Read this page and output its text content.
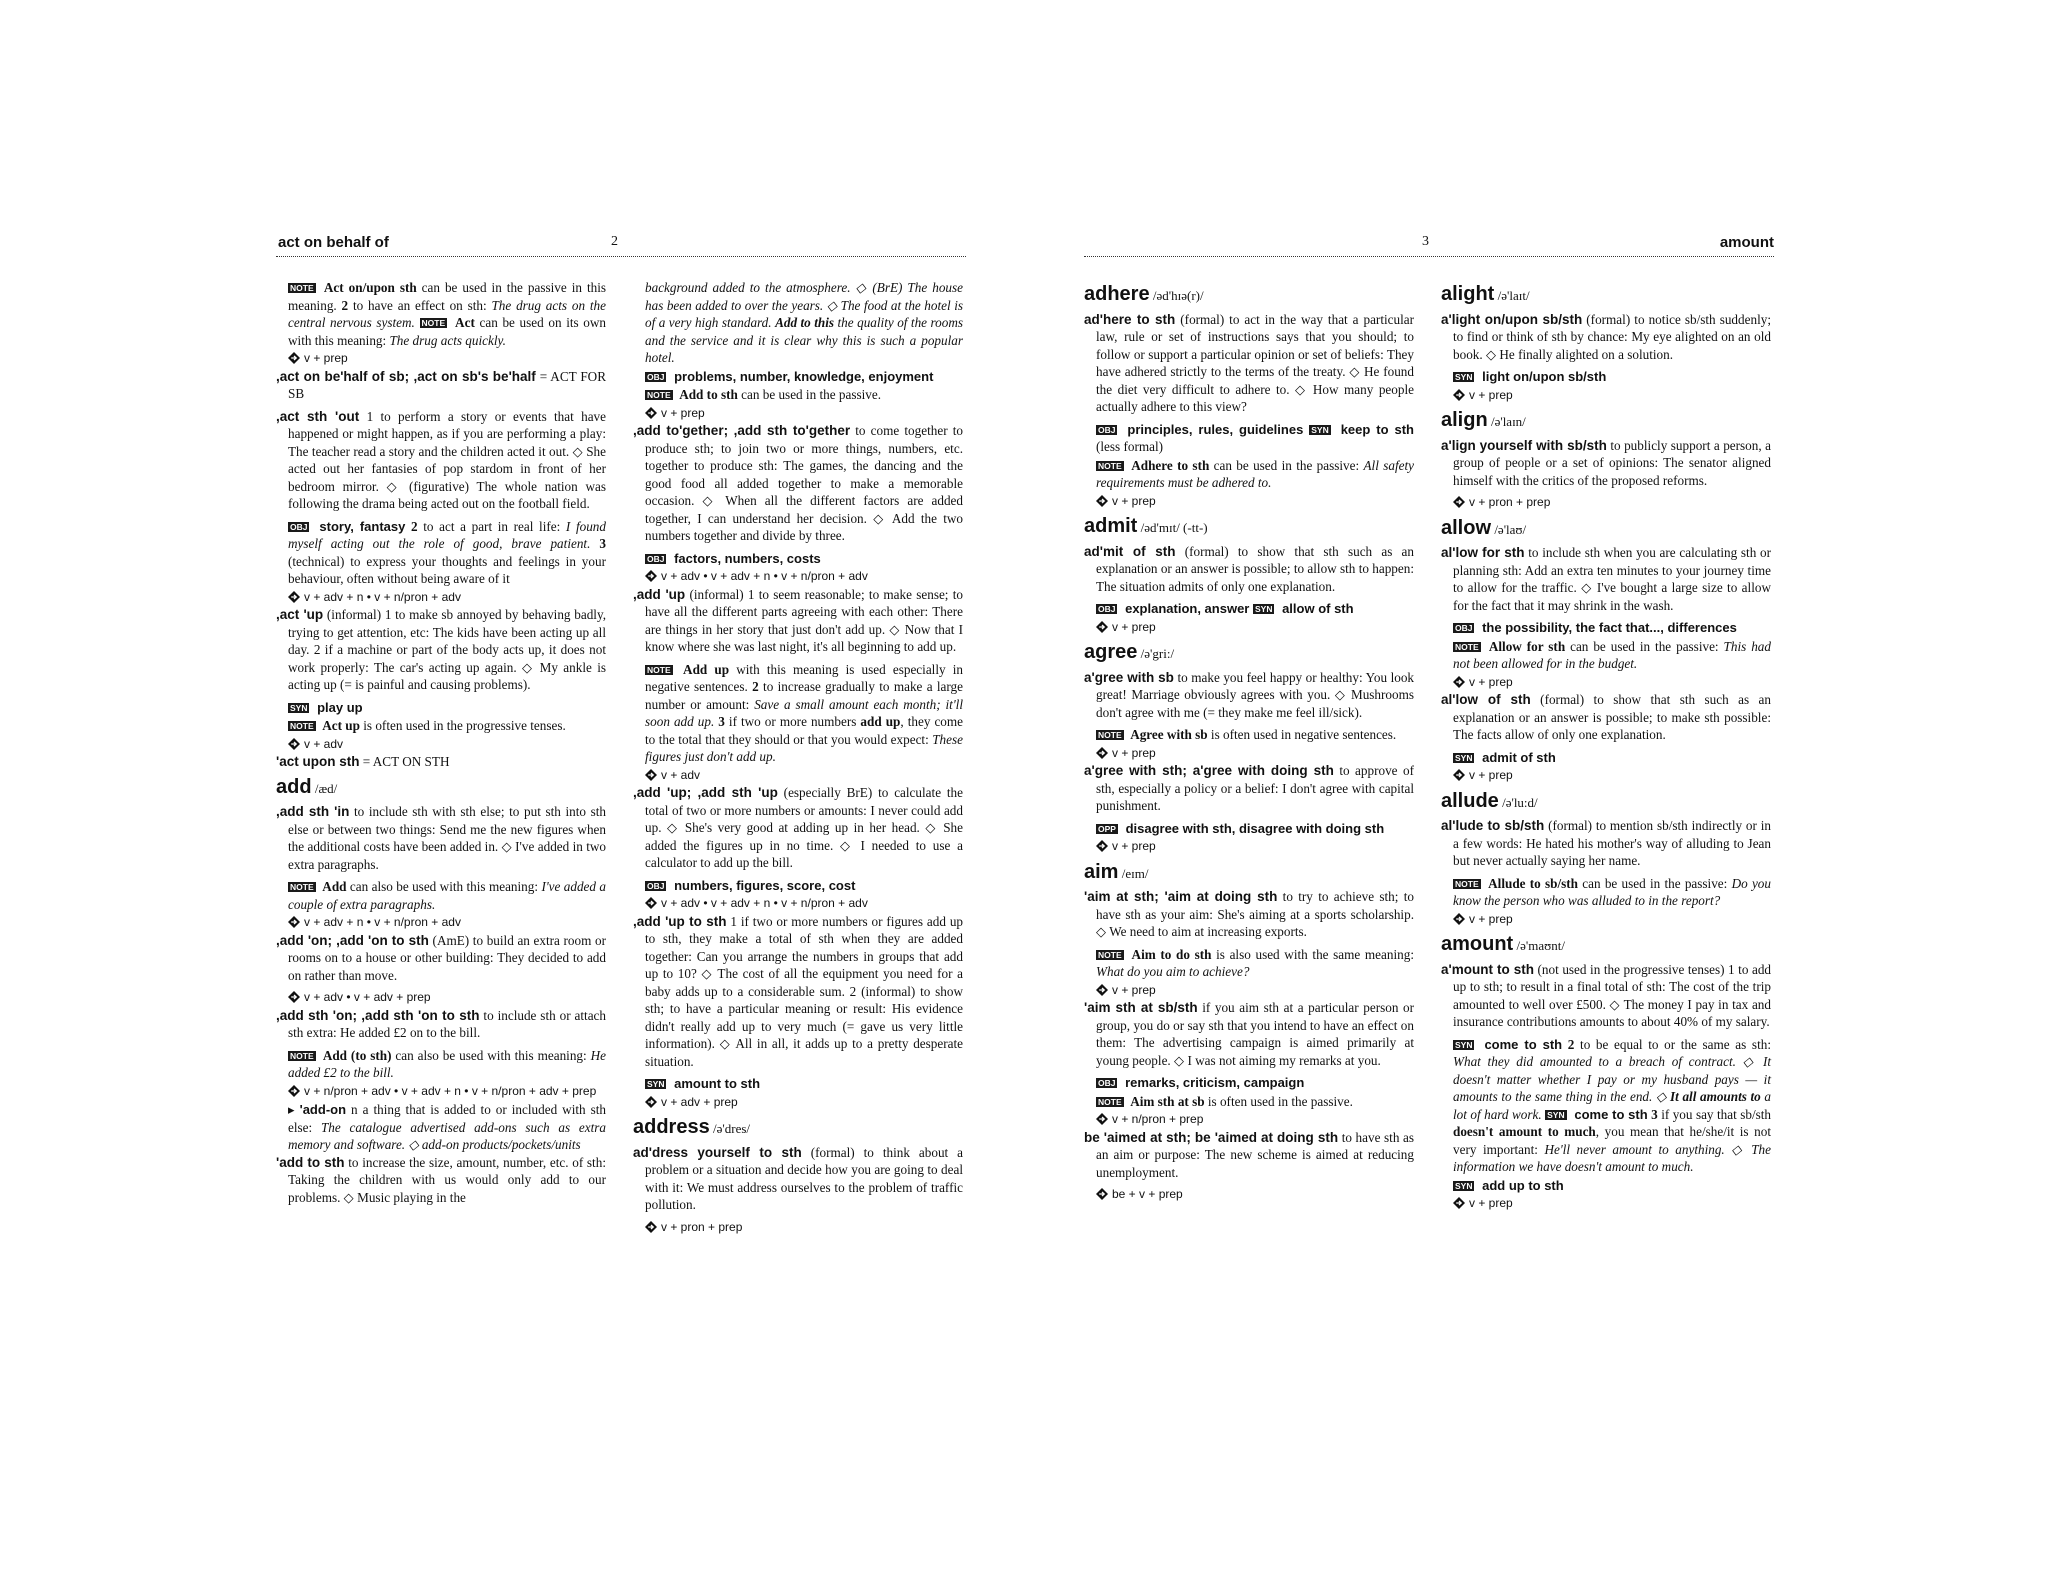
act on behalf of	2
NOTE Act on/upon sth can be used in the passive in this meaning. 2 to have an effect on sth: The drug acts on the central nervous system. NOTE Act can be used on its own with this meaning: The drug acts quickly.
v + prep
,act on be'half of sb; ,act on sb's be'half = ACT FOR SB
,act sth 'out 1 to perform a story or events that have happened or might happen, as if you are performing a play: The teacher read a story and the children acted it out. ◇ She acted out her fantasies of pop stardom in front of her bedroom mirror. ◇ (figurative) The whole nation was following the drama being acted out on the football field.
OBJ story, fantasy 2 to act a part in real life: I found myself acting out the role of good, brave patient. 3 (technical) to express your thoughts and feelings in your behaviour, often without being aware of it
v + adv + n • v + n/pron + adv
,act 'up (informal) 1 to make sb annoyed by behaving badly, trying to get attention, etc: The kids have been acting up all day. 2 if a machine or part of the body acts up, it does not work properly: The car's acting up again. ◇ My ankle is acting up (= is painful and causing problems).
SYN play up
NOTE Act up is often used in the progressive tenses.
v + adv
'act upon sth = ACT ON STH
add /æd/
,add sth 'in to include sth with sth else; to put sth into sth else or between two things: Send me the new figures when the additional costs have been added in. ◇ I've added in two extra paragraphs.
NOTE Add can also be used with this meaning: I've added a couple of extra paragraphs.
v + adv + n • v + n/pron + adv
,add 'on; ,add 'on to sth (AmE) to build an extra room or rooms on to a house or other building: They decided to add on rather than move.
v + adv • v + adv + prep
,add sth 'on; ,add sth 'on to sth to include sth or attach sth extra: He added £2 on to the bill.
NOTE Add (to sth) can also be used with this meaning: He added £2 to the bill.
v + n/pron + adv • v + adv + n • v + n/pron + adv + prep
▸ 'add-on n a thing that is added to or included with sth else: The catalogue advertised add-ons such as extra memory and software. ◇ add-on products/pockets/units
'add to sth to increase the size, amount, number, etc. of sth: Taking the children with us would only add to our problems. ◇ Music playing in the
background added to the atmosphere. ◇ (BrE) The house has been added to over the years. ◇ The food at the hotel is of a very high standard. Add to this the quality of the rooms and the service and it is clear why this is such a popular hotel.
OBJ problems, number, knowledge, enjoyment
NOTE Add to sth can be used in the passive.
v + prep
,add to'gether; ,add sth to'gether to come together to produce sth; to join two or more things, numbers, etc. together to produce sth: The games, the dancing and the good food all added together to make a memorable occasion. ◇ When all the different factors are added together, I can understand her decision. ◇ Add the two numbers together and divide by three.
OBJ factors, numbers, costs
v + adv • v + adv + n • v + n/pron + adv
,add 'up (informal) 1 to seem reasonable; to make sense; to have all the different parts agreeing with each other: There are things in her story that just don't add up. ◇ Now that I know where she was last night, it's all beginning to add up.
NOTE Add up with this meaning is used especially in negative sentences. 2 to increase gradually to make a large number or amount: Save a small amount each month; it'll soon add up. 3 if two or more numbers add up, they come to the total that they should or that you would expect: These figures just don't add up.
v + adv
,add 'up; ,add sth 'up (especially BrE) to calculate the total of two or more numbers or amounts: I never could add up. ◇ She's very good at adding up in her head. ◇ She added the figures up in no time. ◇ I needed to use a calculator to add up the bill.
OBJ numbers, figures, score, cost
v + adv • v + adv + n • v + n/pron + adv
,add 'up to sth 1 if two or more numbers or figures add up to sth, they make a total of sth when they are added together: Can you arrange the numbers in groups that add up to 10? ◇ The cost of all the equipment you need for a baby adds up to a considerable sum. 2 (informal) to show sth; to have a particular meaning or result: His evidence didn't really add up to very much (= gave us very little information). ◇ All in all, it adds up to a pretty desperate situation.
SYN amount to sth
v + adv + prep
address /ə'dres/
ad'dress yourself to sth (formal) to think about a problem or a situation and decide how you are going to deal with it: We must address ourselves to the problem of traffic pollution.
v + pron + prep
3	amount
adhere /əd'hɪə(r)/
ad'here to sth (formal) to act in the way that a particular law, rule or set of instructions says that you should; to follow or support a particular opinion or set of beliefs: They have adhered strictly to the terms of the treaty. ◇ He found the diet very difficult to adhere to. ◇ How many people actually adhere to this view?
OBJ principles, rules, guidelines SYN keep to sth (less formal)
NOTE Adhere to sth can be used in the passive: All safety requirements must be adhered to.
v + prep
admit /əd'mɪt/ (-tt-)
ad'mit of sth (formal) to show that sth such as an explanation or an answer is possible; to allow sth to happen: The situation admits of only one explanation.
OBJ explanation, answer SYN allow of sth
v + prep
agree /ə'gri:/
a'gree with sb to make you feel happy or healthy: You look great! Marriage obviously agrees with you. ◇ Mushrooms don't agree with me (= they make me feel ill/sick).
NOTE Agree with sb is often used in negative sentences.
v + prep
a'gree with sth; a'gree with doing sth to approve of sth, especially a policy or a belief: I don't agree with capital punishment.
OPP disagree with sth, disagree with doing sth
v + prep
aim /eɪm/
'aim at sth; 'aim at doing sth to try to achieve sth; to have sth as your aim: She's aiming at a sports scholarship. ◇ We need to aim at increasing exports.
NOTE Aim to do sth is also used with the same meaning: What do you aim to achieve?
v + prep
'aim sth at sb/sth if you aim sth at a particular person or group, you do or say sth that you intend to have an effect on them: The advertising campaign is aimed primarily at young people. ◇ I was not aiming my remarks at you.
OBJ remarks, criticism, campaign
NOTE Aim sth at sb is often used in the passive.
v + n/pron + prep
be 'aimed at sth; be 'aimed at doing sth to have sth as an aim or purpose: The new scheme is aimed at reducing unemployment.
be + v + prep
alight /ə'laɪt/
a'light on/upon sb/sth (formal) to notice sb/sth suddenly; to find or think of sth by chance: My eye alighted on an old book. ◇ He finally alighted on a solution.
SYN light on/upon sb/sth
v + prep
align /ə'laɪn/
a'lign yourself with sb/sth to publicly support a person, a group of people or a set of opinions: The senator aligned himself with the critics of the proposed reforms.
v + pron + prep
allow /ə'laʊ/
al'low for sth to include sth when you are calculating sth or planning sth: Add an extra ten minutes to your journey time to allow for the traffic. ◇ I've bought a large size to allow for the fact that it may shrink in the wash.
OBJ the possibility, the fact that..., differences
NOTE Allow for sth can be used in the passive: This had not been allowed for in the budget.
v + prep
al'low of sth (formal) to show that sth such as an explanation or an answer is possible; to make sth possible: The facts allow of only one explanation.
SYN admit of sth
v + prep
allude /ə'lu:d/
al'lude to sb/sth (formal) to mention sb/sth indirectly or in a few words: He hated his mother's way of alluding to Jean but never actually saying her name.
NOTE Allude to sb/sth can be used in the passive: Do you know the person who was alluded to in the report?
v + prep
amount /ə'maʊnt/
a'mount to sth (not used in the progressive tenses) 1 to add up to sth; to result in a final total of sth: The cost of the trip amounted to well over £500. ◇ The money I pay in tax and insurance contributions amounts to about 40% of my salary.
SYN come to sth 2 to be equal to or the same as sth: What they did amounted to a breach of contract. ◇ It doesn't matter whether I pay or my husband pays — it amounts to the same thing in the end. ◇ It all amounts to a lot of hard work. SYN come to sth 3 if you say that sb/sth doesn't amount to much, you mean that he/she/it is not very important: He'll never amount to anything. ◇ The information we have doesn't amount to much.
SYN add up to sth
v + prep
